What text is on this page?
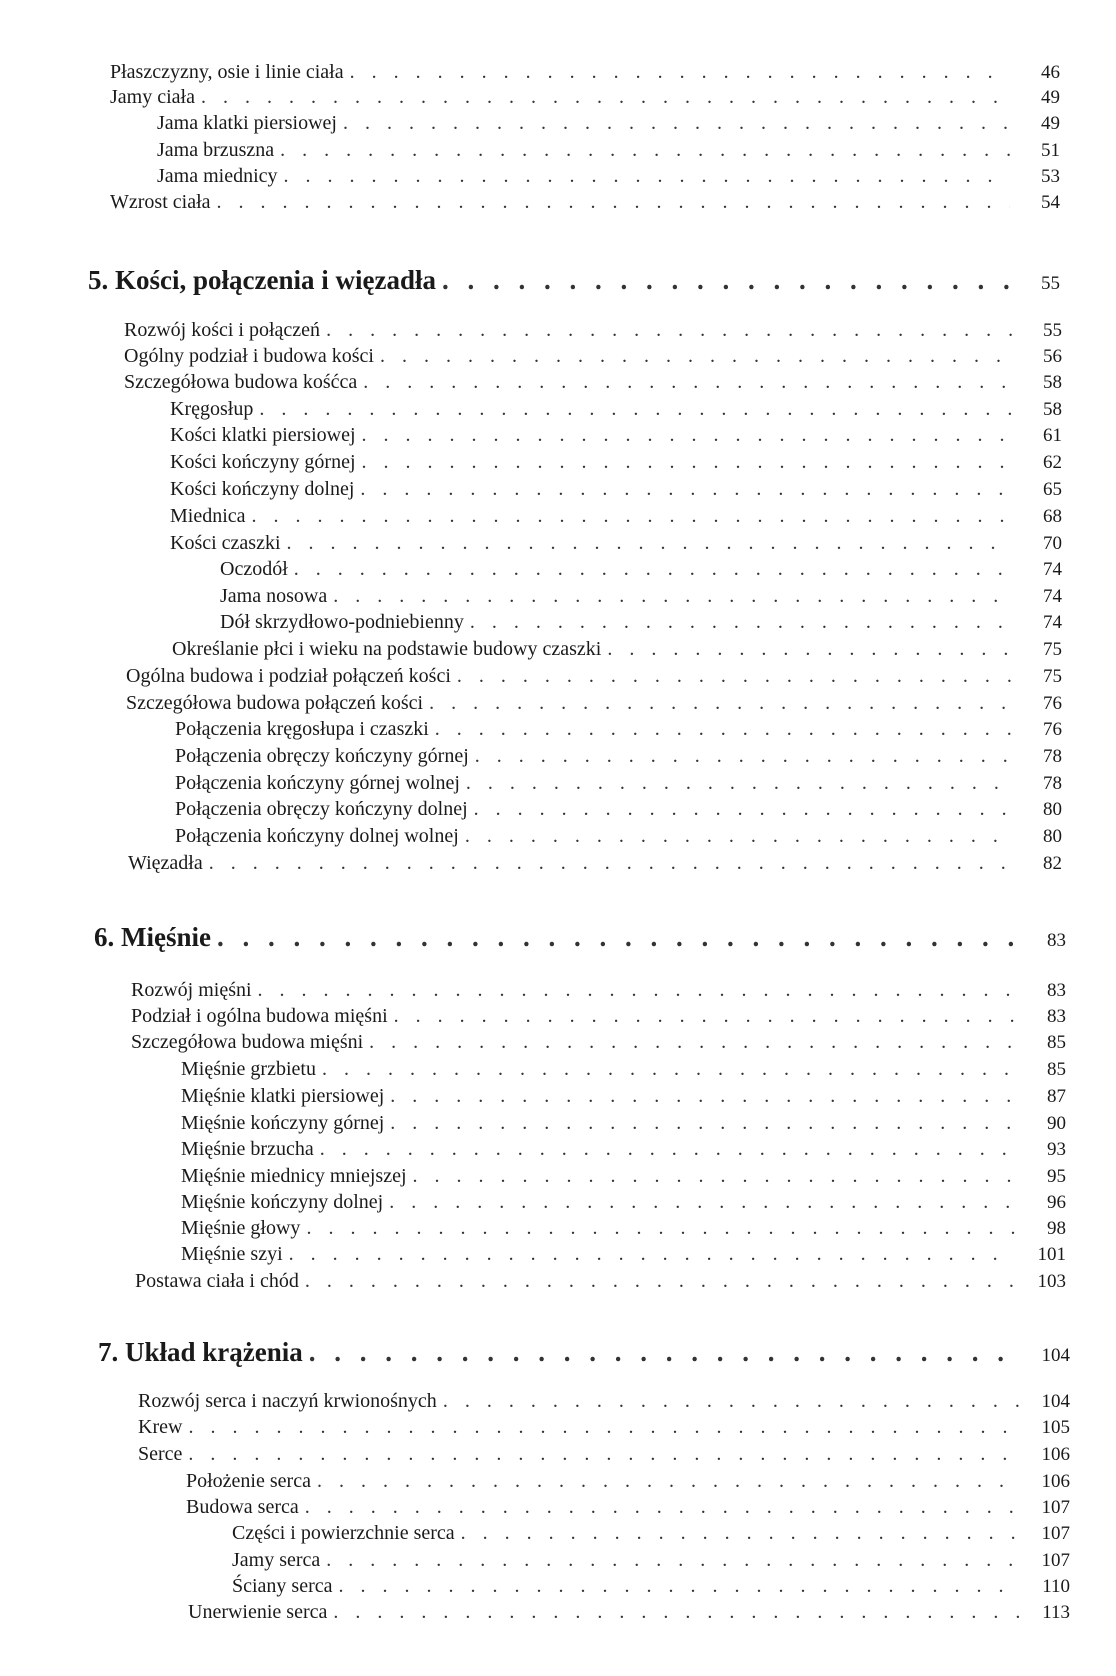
Płaszczyzny, osie i linie ciała . . .	46
Jamy ciała . . .	49
Jama klatki piersiowej . . .	49
Jama brzuszna . . .	51
Jama miednicy . . .	53
Wzrost ciała . . .	54
5. Kości, połączenia i więzadła . . .	55
Rozwój kości i połączeń . . .	55
Ogólny podział i budowa kości . . .	56
Szczegółowa budowa kośćca . . .	58
Kręgosłup . . .	58
Kości klatki piersiowej . . .	61
Kości kończyny górnej . . .	62
Kości kończyny dolnej . . .	65
Miednica . . .	68
Kości czaszki . . .	70
Oczodół . . .	74
Jama nosowa . . .	74
Dół skrzydłowo-podniebienny . . .	74
Określanie płci i wieku na podstawie budowy czaszki . . .	75
Ogólna budowa i podział połączeń kości . . .	75
Szczegółowa budowa połączeń kości . . .	76
Połączenia kręgosłupa i czaszki . . .	76
Połączenia obręczy kończyny górnej . . .	78
Połączenia kończyny górnej wolnej . . .	78
Połączenia obręczy kończyny dolnej . . .	80
Połączenia kończyny dolnej wolnej . . .	80
Więzadła . . .	82
6. Mięśnie . . .	83
Rozwój mięśni . . .	83
Podział i ogólna budowa mięśni . . .	83
Szczegółowa budowa mięśni . . .	85
Mięśnie grzbietu . . .	85
Mięśnie klatki piersiowej . . .	87
Mięśnie kończyny górnej . . .	90
Mięśnie brzucha . . .	93
Mięśnie miednicy mniejszej . . .	95
Mięśnie kończyny dolnej . . .	96
Mięśnie głowy . . .	98
Mięśnie szyi . . .	101
Postawa ciała i chód . . .	103
7. Układ krążenia . . .	104
Rozwój serca i naczyń krwionośnych . . .	104
Krew . . .	105
Serce . . .	106
Położenie serca . . .	106
Budowa serca . . .	107
Części i powierzchnie serca . . .	107
Jamy serca . . .	107
Ściany serca . . .	110
Unerwienie serca . . .	113
